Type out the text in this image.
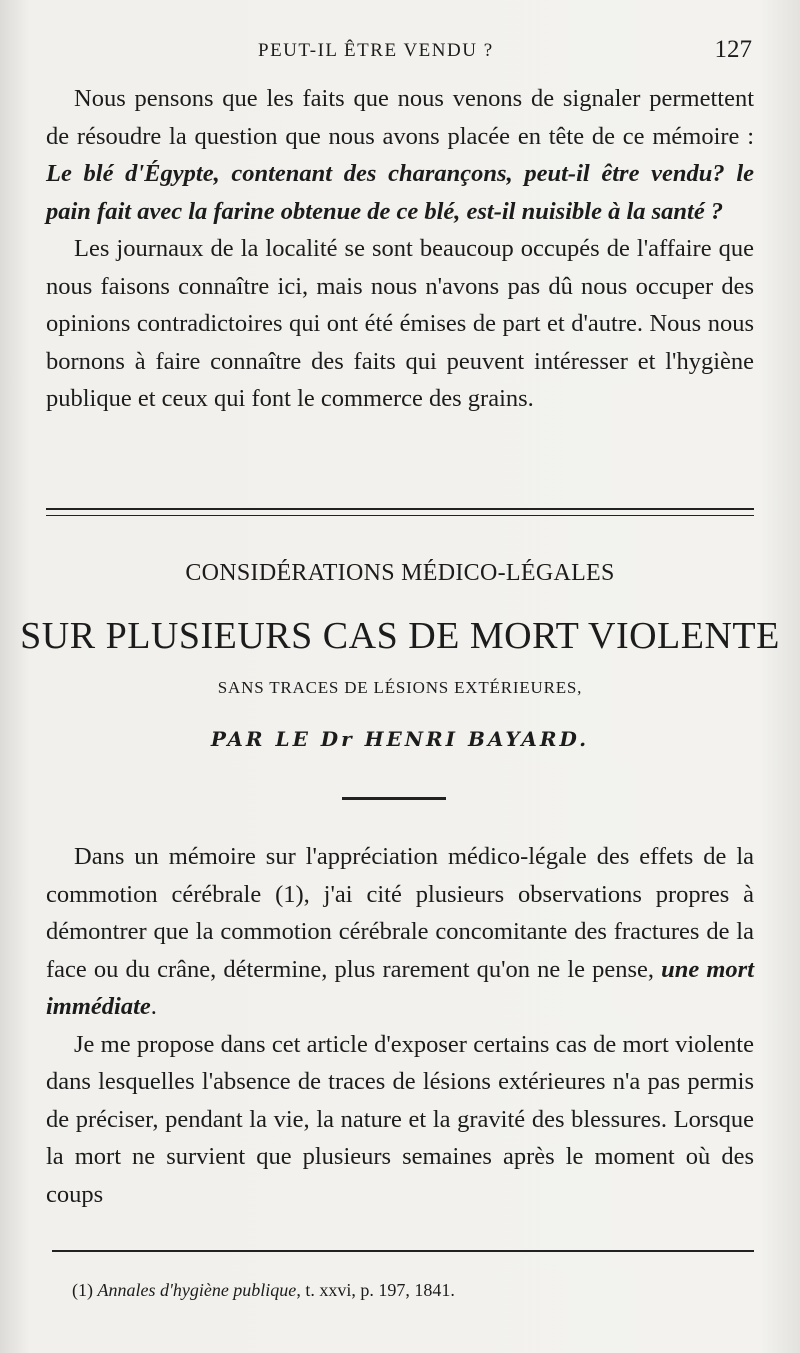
PEUT-IL ÊTRE VENDU ?	127

Nous pensons que les faits que nous venons de signaler permettent de résoudre la question que nous avons placée en tête de ce mémoire : Le blé d'Égypte, contenant des charançons, peut-il être vendu? le pain fait avec la farine obtenue de ce blé, est-il nuisible à la santé ?

Les journaux de la localité se sont beaucoup occupés de l'affaire que nous faisons connaître ici, mais nous n'avons pas dû nous occuper des opinions contradictoires qui ont été émises de part et d'autre. Nous nous bornons à faire connaître des faits qui peuvent intéresser et l'hygiène publique et ceux qui font le commerce des grains.

CONSIDÉRATIONS MÉDICO-LÉGALES
SUR PLUSIEURS CAS DE MORT VIOLENTE
SANS TRACES DE LÉSIONS EXTÉRIEURES,
PAR LE Dr HENRI BAYARD.

Dans un mémoire sur l'appréciation médico-légale des effets de la commotion cérébrale (1), j'ai cité plusieurs observations propres à démontrer que la commotion cérébrale concomitante des fractures de la face ou du crâne, détermine, plus rarement qu'on ne le pense, une mort immédiate.

Je me propose dans cet article d'exposer certains cas de mort violente dans lesquelles l'absence de traces de lésions extérieures n'a pas permis de préciser, pendant la vie, la nature et la gravité des blessures. Lorsque la mort ne survient que plusieurs semaines après le moment où des coups

(1) Annales d'hygiène publique, t. xxvi, p. 197, 1841.
